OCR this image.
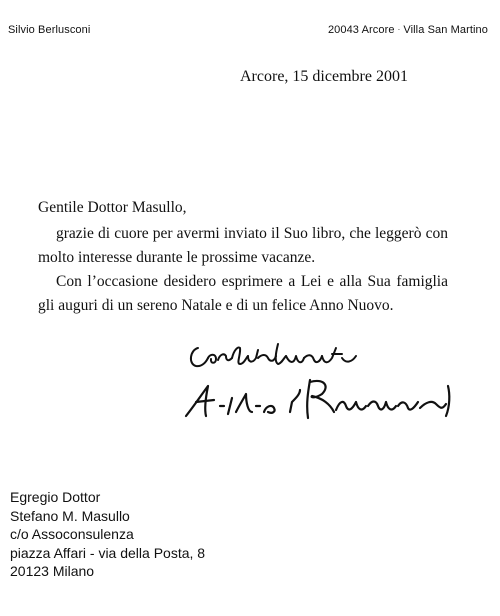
Silvio Berlusconi	20043 Arcore · Villa San Martino
Arcore, 15 dicembre 2001
Gentile Dottor Masullo,

grazie di cuore per avermi inviato il Suo libro, che leggerò con molto interesse durante le prossime vacanze.

Con l’occasione desidero esprimere a Lei e alla Sua famiglia gli auguri di un sereno Natale e di un felice Anno Nuovo.

Egregio Dottor
Stefano M. Masullo
c/o Assoconsulenza
piazza Affari - via della Posta, 8
20123 Milano
